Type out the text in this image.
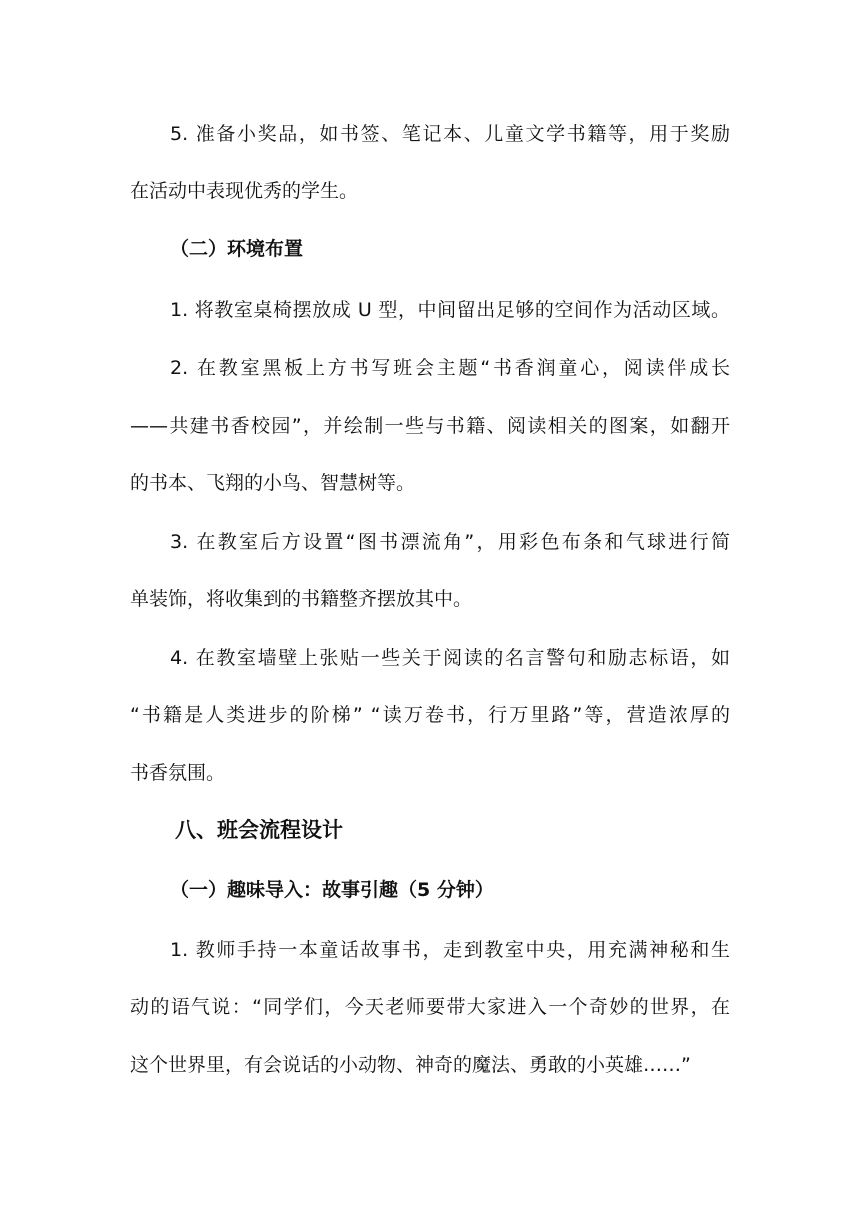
5. 准备小奖品，如书签、笔记本、儿童文学书籍等，用于奖励
在活动中表现优秀的学生。
（二）环境布置
1. 将教室桌椅摆放成 U 型，中间留出足够的空间作为活动区域。
2. 在教室黑板上方书写班会主题“书香润童心，阅读伴成长
——共建书香校园”，并绘制一些与书籍、阅读相关的图案，如翻开
的书本、飞翔的小鸟、智慧树等。
3. 在教室后方设置“图书漂流角”，用彩色布条和气球进行简
单装饰，将收集到的书籍整齐摆放其中。
4. 在教室墙壁上张贴一些关于阅读的名言警句和励志标语，如
“书籍是人类进步的阶梯” “读万卷书，行万里路”等，营造浓厚的
书香氛围。
八、班会流程设计
（一）趣味导入：故事引趣（5 分钟）
1. 教师手持一本童话故事书，走到教室中央，用充满神秘和生
动的语气说：“同学们，今天老师要带大家进入一个奇妙的世界，在
这个世界里，有会说话的小动物、神奇的魔法、勇敢的小英雄……”
